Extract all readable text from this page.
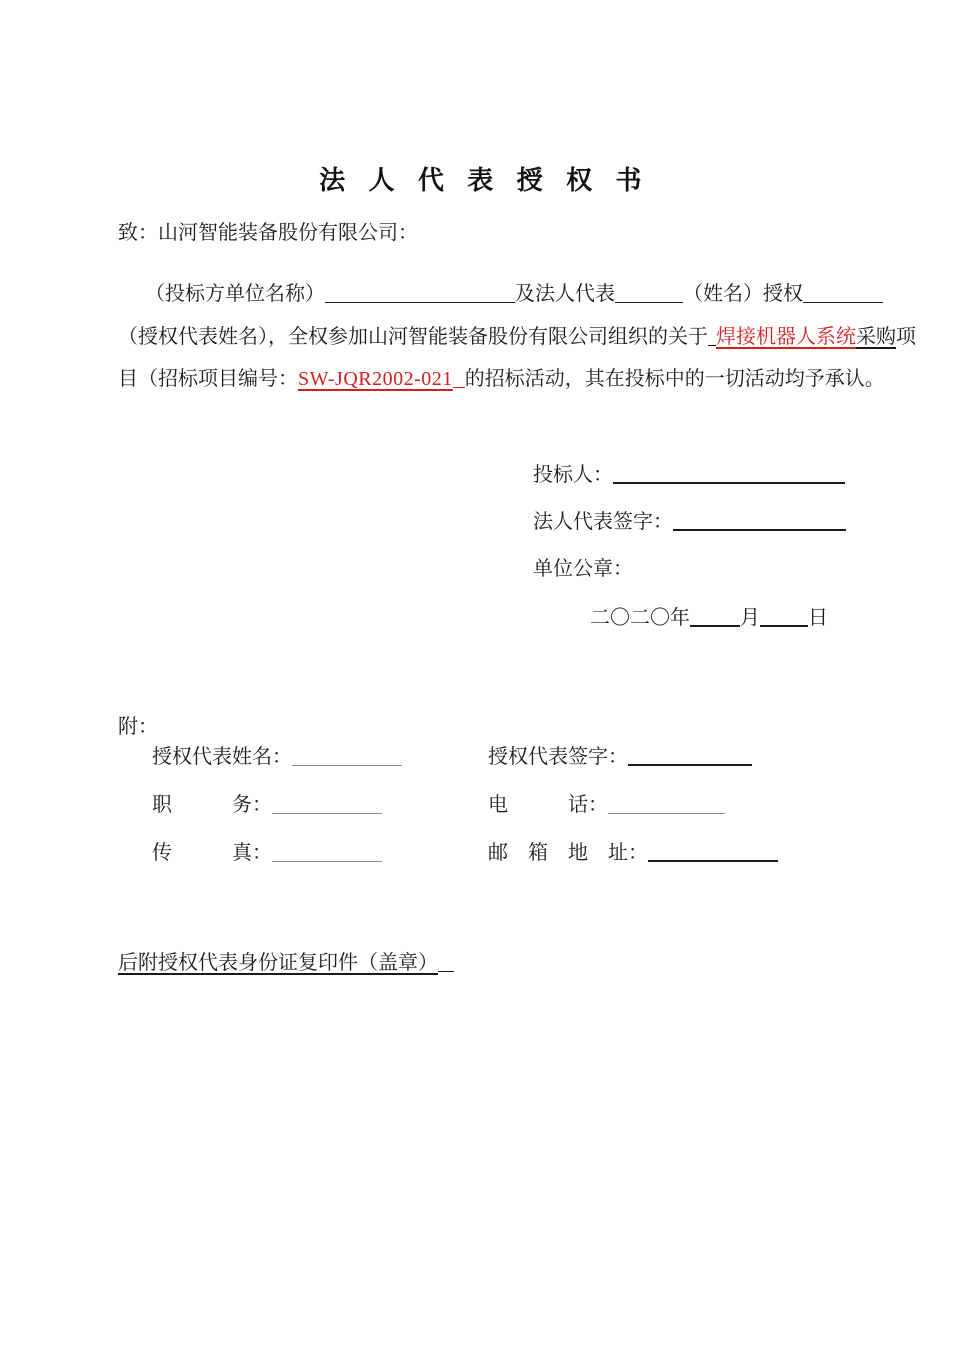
法人代表授权书
致：山河智能装备股份有限公司：
（投标方单位名称）	及法人代表	（姓名）授权
（授权代表姓名），全权参加山河智能装备股份有限公司组织的关于 焊接机器人系统采购项
目（招标项目编号：SW-JQR2002-021 的招标活动，其在投标中的一切活动均予承认。
投标人：
法人代表签字：
单位公章：
二〇二〇年	月 日
附：
授权代表姓名：	授权代表签字：
职　　　务：	电　　　话：
传　　　真：	邮　箱　地　址：
后附授权代表身份证复印件（盖章）
